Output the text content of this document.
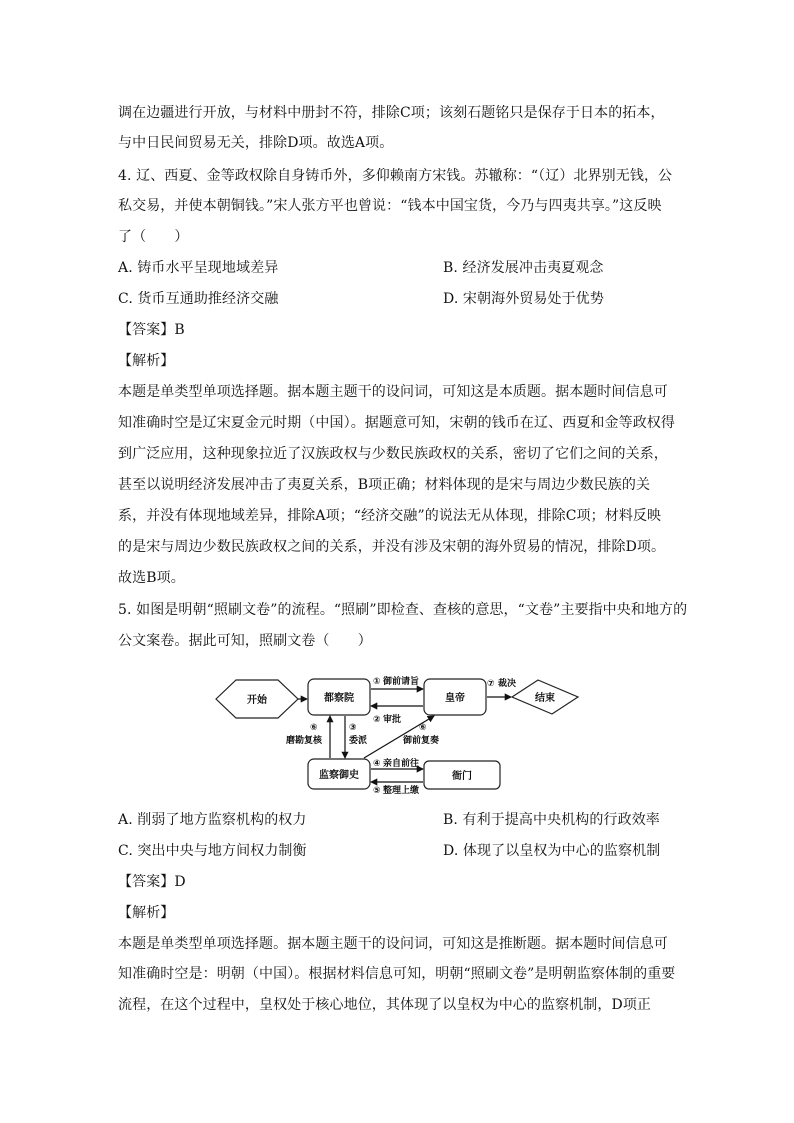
调在边疆进行开放，与材料中册封不符，排除C项；该刻石题铭只是保存于日本的拓本，
与中日民间贸易无关，排除D项。故选A项。
4. 辽、西夏、金等政权除自身铸币外，多仰赖南方宋钱。苏辙称：“（辽）北界别无钱，公
私交易，并使本朝铜钱。”宋人张方平也曾说：“钱本中国宝货，今乃与四夷共享。”这反映
了（　　）
A. 铸币水平呈现地域差异	B. 经济发展冲击夷夏观念
C. 货币互通助推经济交融	D. 宋朝海外贸易处于优势
【答案】B
【解析】
本题是单类型单项选择题。据本题主题干的设问词，可知这是本质题。据本题时间信息可
知准确时空是辽宋夏金元时期（中国）。据题意可知，宋朝的钱币在辽、西夏和金等政权得
到广泛应用，这种现象拉近了汉族政权与少数民族政权的关系，密切了它们之间的关系，
甚至以说明经济发展冲击了夷夏关系，B项正确；材料体现的是宋与周边少数民族的关
系，并没有体现地域差异，排除A项；“经济交融”的说法无从体现，排除C项；材料反映
的是宋与周边少数民族政权之间的关系，并没有涉及宋朝的海外贸易的情况，排除D项。
故选B项。
5. 如图是明朝“照刷文卷”的流程。“照刷”即检查、查核的意思，“文卷”主要指中央和地方的
公文案卷。据此可知，照刷文卷（　　）
开始	都察院	皇帝	结束
监察御史	衙门
① 御前请旨
② 审批
⑦ 裁决
⑥
磨勘复核
③
委派
⑥
御前复奏
④ 亲自前往
⑤ 整理上缴
A. 削弱了地方监察机构的权力	B. 有利于提高中央机构的行政效率
C. 突出中央与地方间权力制衡	D. 体现了以皇权为中心的监察机制
【答案】D
【解析】
本题是单类型单项选择题。据本题主题干的设问词，可知这是推断题。据本题时间信息可
知准确时空是：明朝（中国）。根据材料信息可知，明朝“照刷文卷”是明朝监察体制的重要
流程，在这个过程中，皇权处于核心地位，其体现了以皇权为中心的监察机制，D项正
